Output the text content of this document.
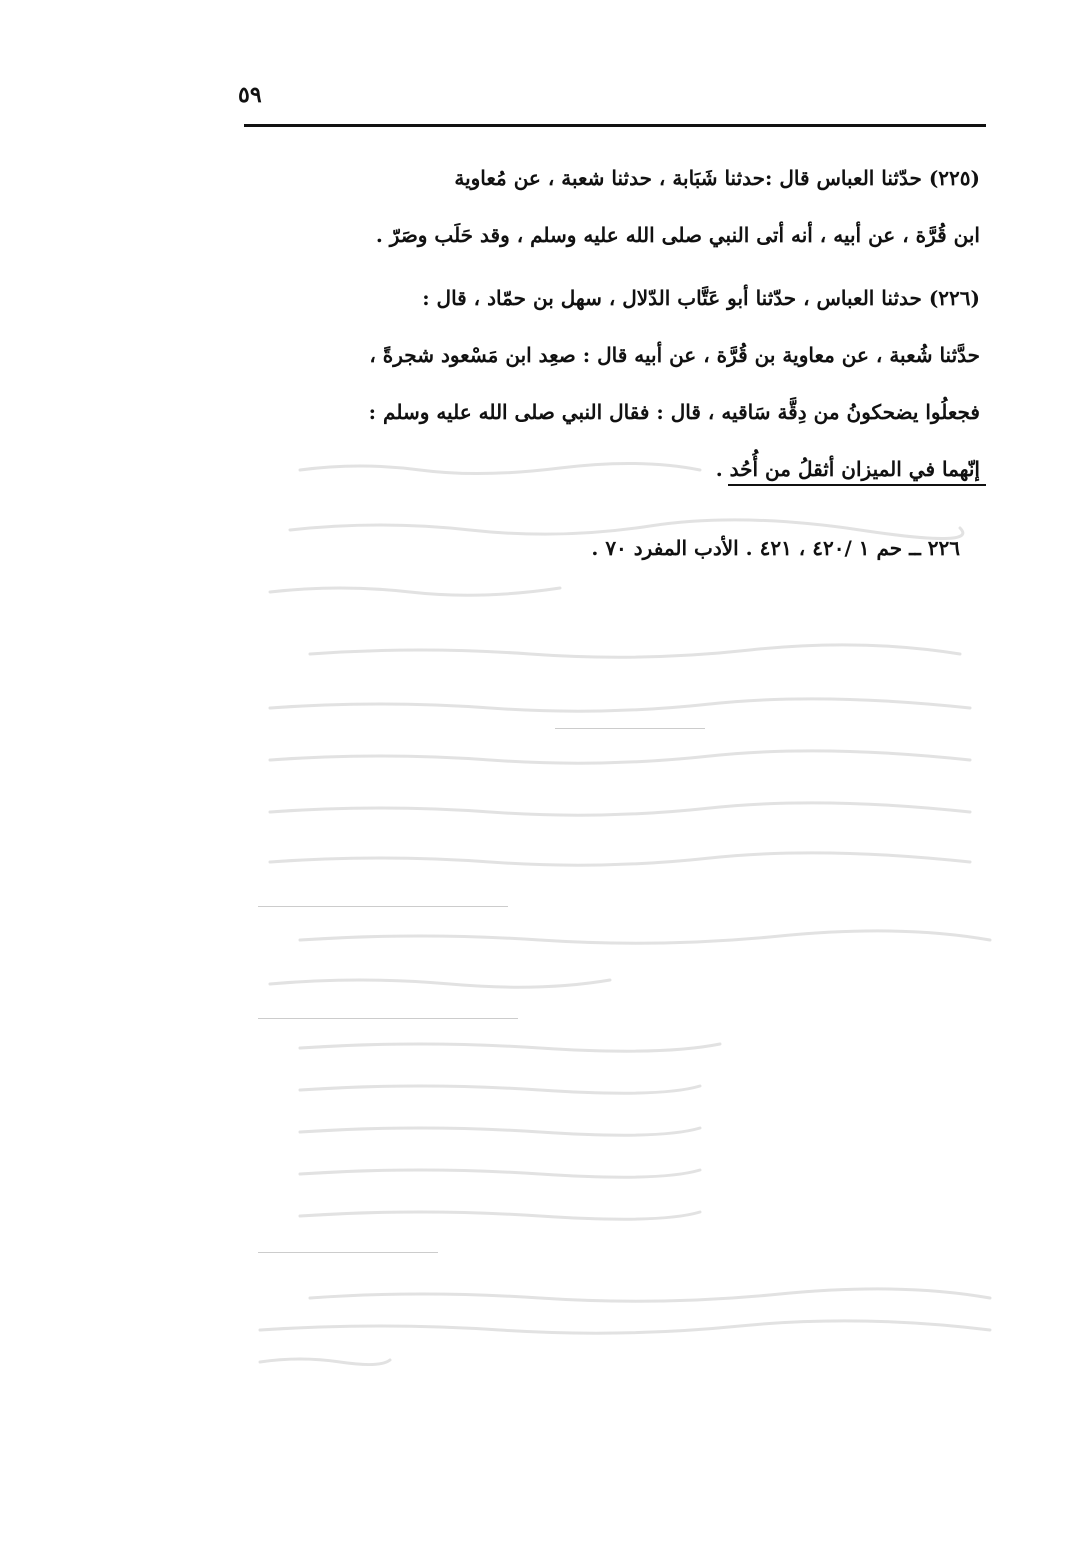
٥٩

(٢٢٥) حدّثنا العباس قال :حدثنا شَبَابة ، حدثنا شعبة ، عن مُعاوية

ابن قُرَّة ، عن أبيه ، أنه أتى النبي صلى الله عليه وسلم ، وقد حَلَب وصَرّ .

(٢٢٦) حدثنا العباس ، حدّثنا أبو عَتَّاب الدّلال ، سهل بن حمّاد ، قال :

حدَّثنا شُعبة ، عن معاوية بن قُرَّة ، عن أبيه قال : صعِد ابن مَسْعود شجرةً ،

فجعلُوا يضحكونُ من دِقَّة سَاقيه ، قال : فقال النبي صلى الله عليه وسلم :

إنّهما في الميزان أثقلُ من أُحُد .

٢٢٦ ــ حم ١ /٤٢٠ ، ٤٢١ . الأدب المفرد ٧٠ .
